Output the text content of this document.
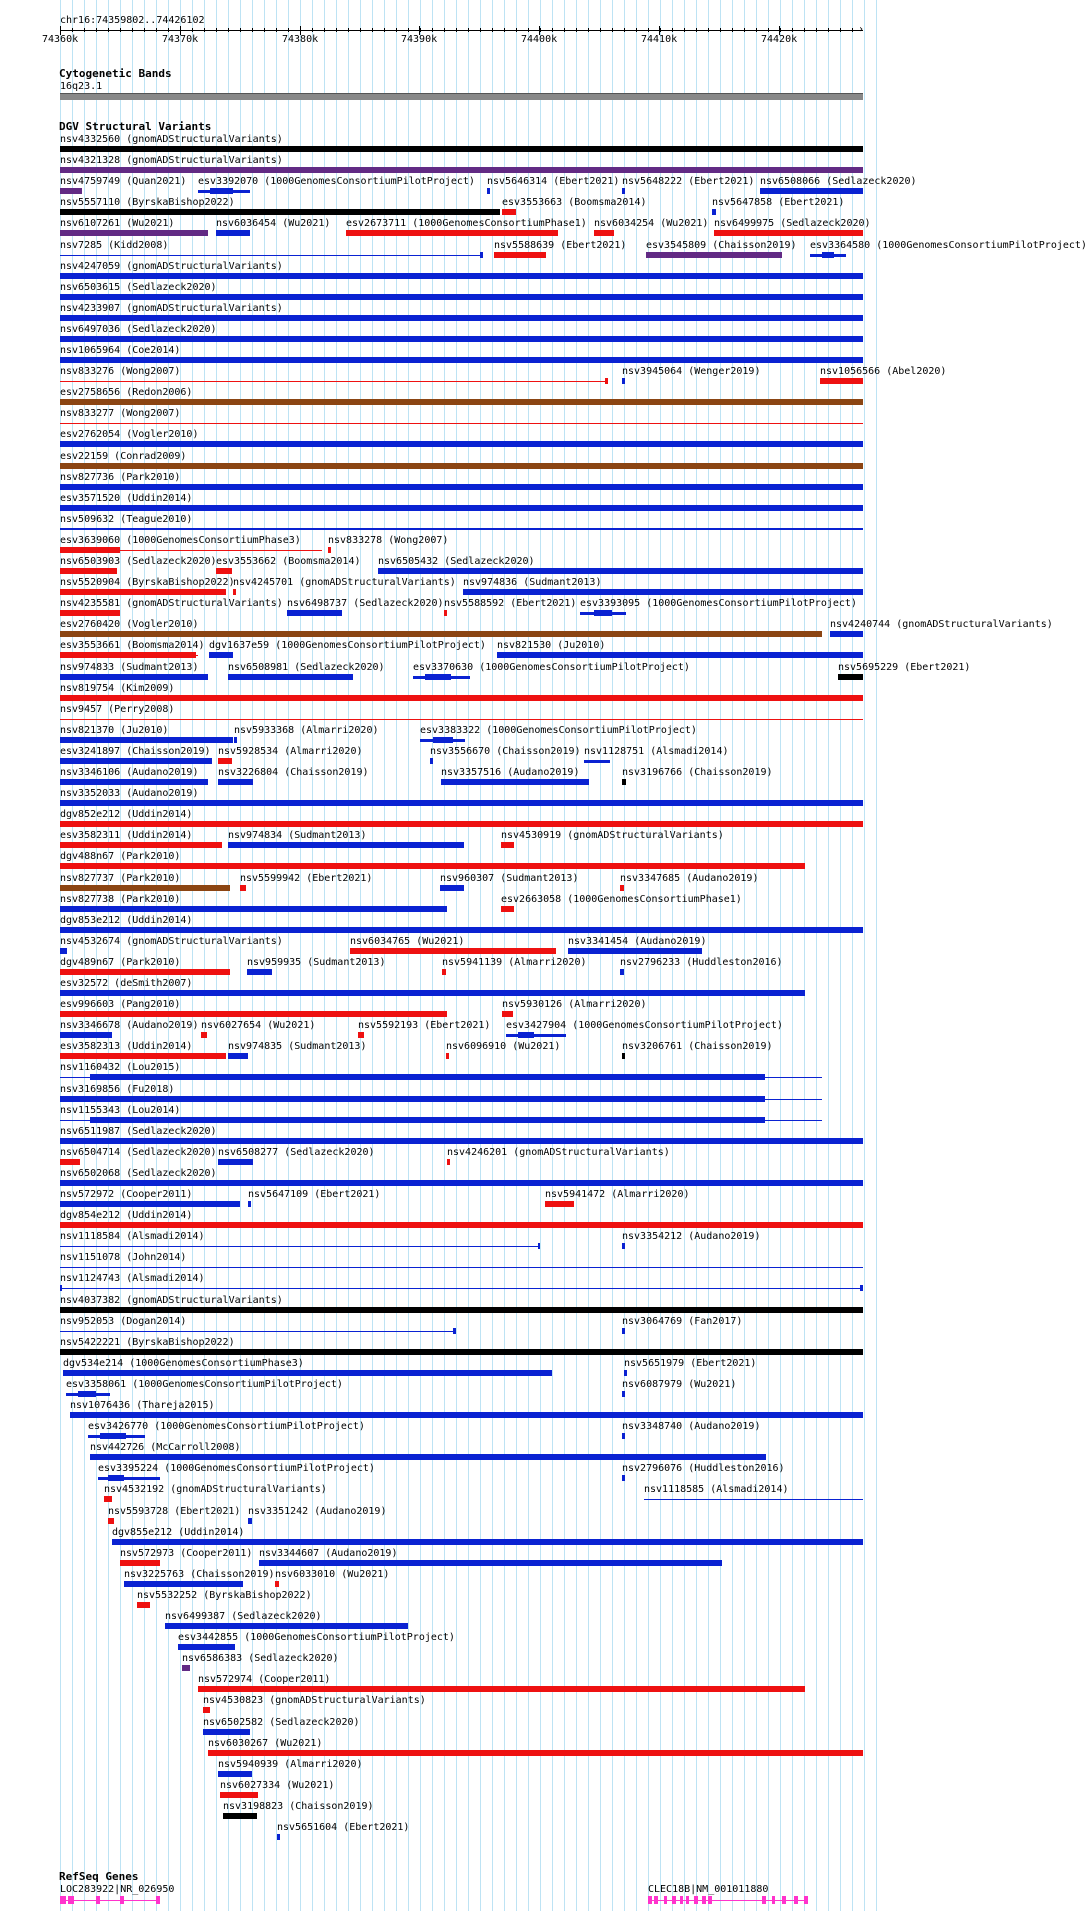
chr16:74359802..74426102
›
74360k	74370k	74380k	74390k	74400k	74410k	74420k
Cytogenetic Bands
16q23.1
DGV Structural Variants
nsv4332560 (gnomADStructuralVariants)
nsv4321328 (gnomADStructuralVariants)
nsv4759749 (Quan2021) esv3392070 (1000GenomesConsortiumPilotProject) nsv5646314 (Ebert2021) nsv5648222 (Ebert2021) nsv6508066 (Sedlazeck2020)
nsv5557110 (ByrskaBishop2022)	esv3553663 (Boomsma2014)	nsv5647858 (Ebert2021)
nsv6107261 (Wu2021)	nsv6036454 (Wu2021) esv2673711 (1000GenomesConsortiumPhase1) nsv6034254 (Wu2021) nsv6499975 (Sedlazeck2020)
nsv7285 (Kidd2008)	nsv5588639 (Ebert2021) esv3545809 (Chaisson2019) esv3364580 (1000GenomesConsortiumPilotProject)
nsv4247059 (gnomADStructuralVariants)
nsv6503615 (Sedlazeck2020)
nsv4233907 (gnomADStructuralVariants)
nsv6497036 (Sedlazeck2020)
nsv1065964 (Coe2014)
nsv833276 (Wong2007)	nsv3945064 (Wenger2019)	nsv1056566 (Abel2020)
esv2758656 (Redon2006)
nsv833277 (Wong2007)
esv2762054 (Vogler2010)
esv22159 (Conrad2009)
nsv827736 (Park2010)
esv3571520 (Uddin2014)
nsv509632 (Teague2010)
esv3639060 (1000GenomesConsortiumPhase3)	nsv833278 (Wong2007)
nsv6503903 (Sedlazeck2020) esv3553662 (Boomsma2014) nsv6505432 (Sedlazeck2020)
nsv5520904 (ByrskaBishop2022)
nsv4245701 (gnomADStructuralVariants) nsv974836 (Sudmant2013)
nsv4235581 (gnomADStructuralVariants) nsv6498737 (Sedlazeck2020) nsv5588592 (Ebert2021) esv3393095 (1000GenomesConsortiumPilotProject)
esv2760420 (Vogler2010)	nsv4240744 (gnomADStructuralVariants)
esv3553661 (Boomsma2014) dgv1637e59 (1000GenomesConsortiumPilotProject) nsv821530 (Ju2010)
nsv974833 (Sudmant2013)	nsv6508981 (Sedlazeck2020)	esv3370630 (1000GenomesConsortiumPilotProject)	nsv5695229 (Ebert2021)
nsv819754 (Kim2009)
nsv9457 (Perry2008)
nsv821370 (Ju2010)	nsv5933368 (Almarri2020)	esv3383322 (1000GenomesConsortiumPilotProject)
esv3241897 (Chaisson2019) nsv5928534 (Almarri2020)	nsv3556670 (Chaisson2019) nsv1128751 (Alsmadi2014)
nsv3346106 (Audano2019) nsv3226804 (Chaisson2019)	nsv3357516 (Audano2019)	nsv3196766 (Chaisson2019)
nsv3352033 (Audano2019)
dgv852e212 (Uddin2014)
esv3582311 (Uddin2014)	nsv974834 (Sudmant2013)	nsv4530919 (gnomADStructuralVariants)
dgv488n67 (Park2010)
nsv827737 (Park2010)	nsv5599942 (Ebert2021)	nsv960307 (Sudmant2013)	nsv3347685 (Audano2019)
nsv827738 (Park2010)	esv2663058 (1000GenomesConsortiumPhase1)
dgv853e212 (Uddin2014)
nsv4532674 (gnomADStructuralVariants)	nsv6034765 (Wu2021)	nsv3341454 (Audano2019)
dgv489n67 (Park2010)	nsv959935 (Sudmant2013)	nsv5941139 (Almarri2020)	nsv2796233 (Huddleston2016)
esv32572 (deSmith2007)
esv996603 (Pang2010)	nsv5930126 (Almarri2020)
nsv3346678 (Audano2019) nsv6027654 (Wu2021)	nsv5592193 (Ebert2021) esv3427904 (1000GenomesConsortiumPilotProject)
esv3582313 (Uddin2014)	nsv974835 (Sudmant2013)	nsv6096910 (Wu2021)	nsv3206761 (Chaisson2019)
nsv1160432 (Lou2015)
nsv3169856 (Fu2018)
nsv1155343 (Lou2014)
nsv6511987 (Sedlazeck2020)
nsv6504714 (Sedlazeck2020) nsv6508277 (Sedlazeck2020)	nsv4246201 (gnomADStructuralVariants)
nsv6502068 (Sedlazeck2020)
nsv572972 (Cooper2011)	nsv5647109 (Ebert2021)	nsv5941472 (Almarri2020)
dgv854e212 (Uddin2014)
nsv1118584 (Alsmadi2014)	nsv3354212 (Audano2019)
nsv1151078 (John2014)
nsv1124743 (Alsmadi2014)
nsv4037382 (gnomADStructuralVariants)
nsv952053 (Dogan2014)	nsv3064769 (Fan2017)
nsv5422221 (ByrskaBishop2022)
dgv534e214 (1000GenomesConsortiumPhase3)	nsv5651979 (Ebert2021)
esv3358061 (1000GenomesConsortiumPilotProject)	nsv6087979 (Wu2021)
nsv1076436 (Thareja2015)
esv3426770 (1000GenomesConsortiumPilotProject)	nsv3348740 (Audano2019)
nsv442726 (McCarroll2008)
esv3395224 (1000GenomesConsortiumPilotProject)	nsv2796076 (Huddleston2016)
nsv4532192 (gnomADStructuralVariants)	nsv1118585 (Alsmadi2014)
nsv5593728 (Ebert2021) nsv3351242 (Audano2019)
dgv855e212 (Uddin2014)
nsv572973 (Cooper2011) nsv3344607 (Audano2019)
nsv3225763 (Chaisson2019) nsv6033010 (Wu2021)
nsv5532252 (ByrskaBishop2022)
nsv6499387 (Sedlazeck2020)
esv3442855 (1000GenomesConsortiumPilotProject)
nsv6586383 (Sedlazeck2020)
nsv572974 (Cooper2011)
nsv4530823 (gnomADStructuralVariants)
nsv6502582 (Sedlazeck2020)
nsv6030267 (Wu2021)
nsv5940939 (Almarri2020)
nsv6027334 (Wu2021)
nsv3198823 (Chaisson2019)
nsv5651604 (Ebert2021)
RefSeq Genes
LOC283922|NR_026950	CLEC18B|NM_001011880
